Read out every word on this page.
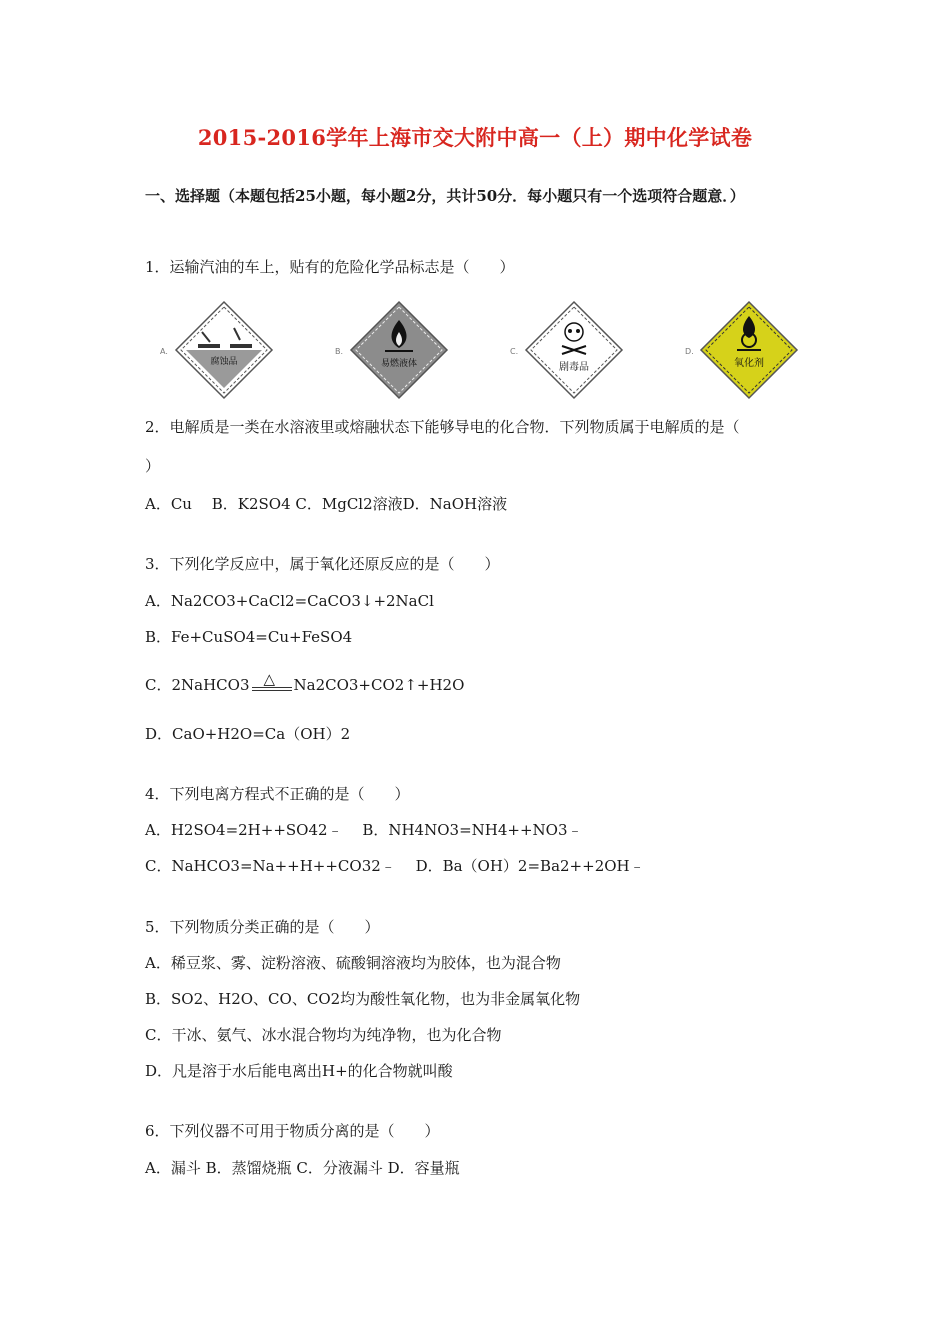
2015-2016学年上海市交大附中高一（上）期中化学试卷
一、选择题（本题包括25小题，每小题2分，共计50分．每小题只有一个选项符合题意．）
1．运输汽油的车上，贴有的危险化学品标志是（　　）
A.
腐蚀品
B.
易燃液体
C.
剧毒品
D.
氧化剂
2．电解质是一类在水溶液里或熔融状态下能够导电的化合物．下列物质属于电解质的是（
）
A．Cu　 B．K2SO4 C．MgCl2溶液D．NaOH溶液
3．下列化学反应中，属于氧化还原反应的是（　　）
A．Na2CO3+CaCl2=CaCO3↓+2NaCl
B．Fe+CuSO4=Cu+FeSO4
C．2NaHCO3 △ Na2CO3+CO2↑+H2O
D．CaO+H2O=Ca（OH）2
4．下列电离方程式不正确的是（　　）
A．H2SO4=2H++SO42﹣　 B．NH4NO3=NH4++NO3﹣
C．NaHCO3=Na++H++CO32﹣　 D．Ba（OH）2=Ba2++2OH﹣
5．下列物质分类正确的是（　　）
A．稀豆浆、雾、淀粉溶液、硫酸铜溶液均为胶体，也为混合物
B．SO2、H2O、CO、CO2均为酸性氧化物，也为非金属氧化物
C．干冰、氨气、冰水混合物均为纯净物，也为化合物
D．凡是溶于水后能电离出H+的化合物就叫酸
6．下列仪器不可用于物质分离的是（　　）
A．漏斗 B．蒸馏烧瓶 C．分液漏斗 D．容量瓶
